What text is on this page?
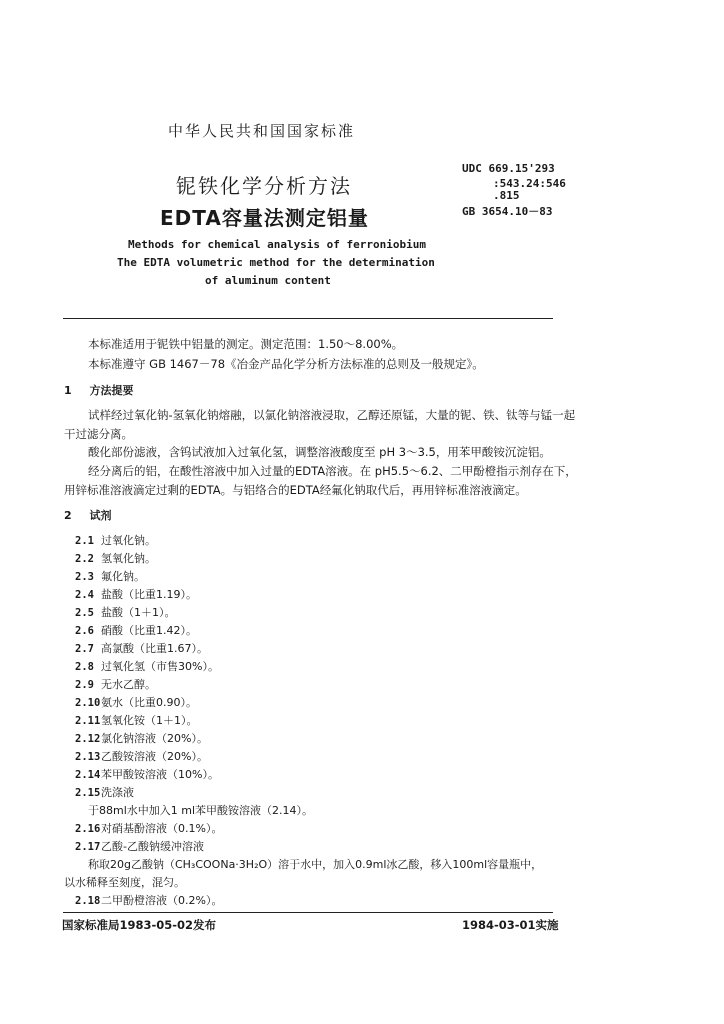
中华人民共和国国家标准
铌铁化学分析方法
EDTA容量法测定铝量
UDC 669.15'293
:543.24:546
.815
GB 3654.10－83
Methods for chemical analysis of ferroniobium
The EDTA volumetric method for the determination
of aluminum content
本标准适用于铌铁中铝量的测定。测定范围：1.50～8.00%。
本标准遵守 GB 1467－78《冶金产品化学分析方法标准的总则及一般规定》。
1 方法提要
试样经过氧化钠-氢氧化钠熔融，以氯化钠溶液浸取，乙醇还原锰，大量的铌、铁、钛等与锰一起
干过滤分离。
酸化部份滤液，含钨试液加入过氧化氢，调整溶液酸度至 pH 3～3.5，用苯甲酸铵沉淀铝。
经分离后的铝，在酸性溶液中加入过量的EDTA溶液。在 pH5.5～6.2、二甲酚橙指示剂存在下，
用锌标准溶液滴定过剩的EDTA。与铝络合的EDTA经氟化钠取代后，再用锌标准溶液滴定。
2 试剂
2.1 过氧化钠。
2.2 氢氧化钠。
2.3 氟化钠。
2.4 盐酸（比重1.19）。
2.5 盐酸（1＋1）。
2.6 硝酸（比重1.42）。
2.7 高氯酸（比重1.67）。
2.8 过氧化氢（市售30%）。
2.9 无水乙醇。
2.10氨水（比重0.90）。
2.11氢氧化铵（1＋1）。
2.12氯化钠溶液（20%）。
2.13乙酸铵溶液（20%）。
2.14苯甲酸铵溶液（10%）。
2.15洗涤液
于88ml水中加入1 ml苯甲酸铵溶液（2.14）。
2.16对硝基酚溶液（0.1%）。
2.17乙酸-乙酸钠缓冲溶液
称取20g乙酸钠（CH₃COONa·3H₂O）溶于水中，加入0.9ml冰乙酸，移入100ml容量瓶中，
以水稀释至刻度，混匀。
2.18二甲酚橙溶液（0.2%）。
国家标准局1983-05-02发布	1984-03-01实施
